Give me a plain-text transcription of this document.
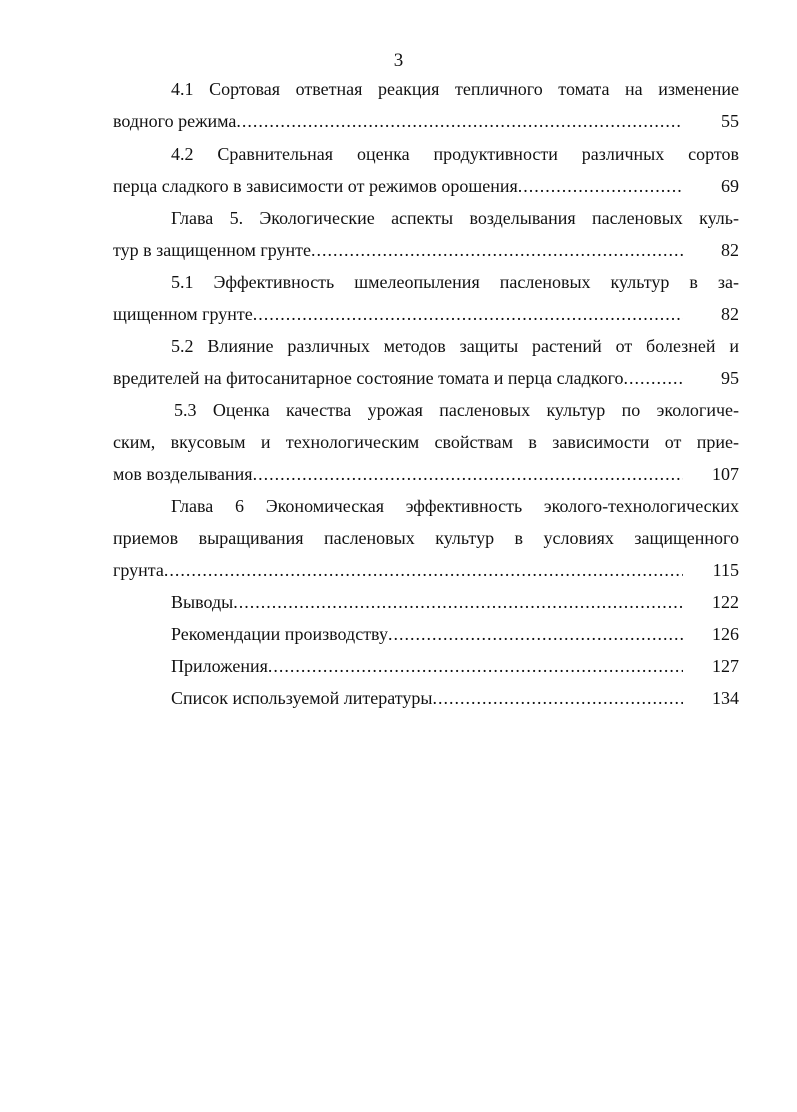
3
4.1 Сортовая ответная реакция тепличного томата на изменение
водного режима .....	55
4.2 Сравнительная оценка продуктивности различных сортов
перца сладкого в зависимости от режимов орошения .....	69
Глава 5. Экологические аспекты возделывания пасленовых куль-
тур в защищенном грунте .....	82
5.1 Эффективность шмелеопыления пасленовых культур в за-
щищенном грунте .....	82
5.2 Влияние различных методов защиты растений от болезней и
вредителей на фитосанитарное состояние томата и перца сладкого .....	95
5.3 Оценка качества урожая пасленовых культур по экологиче-
ским, вкусовым и технологическим свойствам в зависимости от прие-
мов возделывания .....	107
Глава 6 Экономическая эффективность эколого-технологических
приемов выращивания пасленовых культур в условиях защищенного
грунта .....	115
Выводы .....	122
Рекомендации производству .....	126
Приложения .....	127
Список используемой литературы .....	134
